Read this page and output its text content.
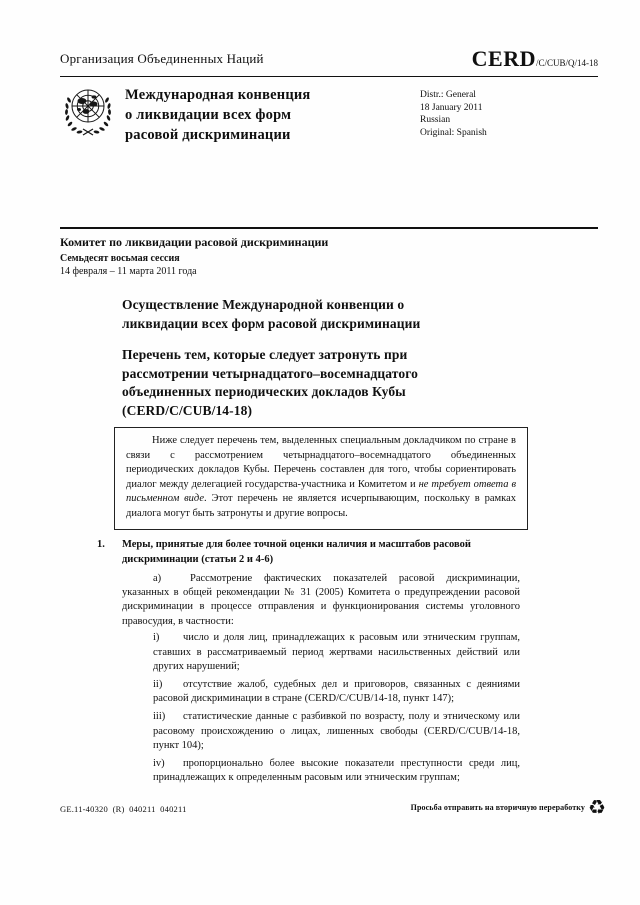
Организация Объединенных Наций	CERD/C/CUB/Q/14-18
Международная конвенция
о ликвидации всех форм
расовой дискриминации
Distr.: General
18 January 2011
Russian
Original: Spanish
Комитет по ликвидации расовой дискриминации
Семьдесят восьмая сессия
14 февраля – 11 марта 2011 года
Осуществление Международной конвенции о
ликвидации всех форм расовой дискриминации
Перечень тем, которые следует затронуть при
рассмотрении четырнадцатого–восемнадцатого
объединенных периодических докладов Кубы
(CERD/C/CUB/14-18)
Ниже следует перечень тем, выделенных специальным докладчиком по стране в связи с рассмотрением четырнадцатого–восемнадцатого объединенных периодических докладов Кубы. Перечень составлен для того, чтобы сориентировать диалог между делегацией государства-участника и Комитетом и не требует ответа в письменном виде. Этот перечень не является исчерпывающим, поскольку в рамках диалога могут быть затронуты и другие вопросы.
1.	Меры, принятые для более точной оценки наличия и масштабов расовой дискриминации (статьи 2 и 4-6)
а)	Рассмотрение фактических показателей расовой дискриминации, указанных в общей рекомендации № 31 (2005) Комитета о предупреждении расовой дискриминации в процессе отправления и функционирования системы уголовного правосудия, в частности:
i) число и доля лиц, принадлежащих к расовым или этническим группам, ставших в рассматриваемый период жертвами насильственных действий или других нарушений;
ii) отсутствие жалоб, судебных дел и приговоров, связанных с деяниями расовой дискриминации в стране (CERD/C/CUB/14-18, пункт 147);
iii) статистические данные с разбивкой по возрасту, полу и этническому или расовому происхождению о лицах, лишенных свободы (CERD/C/CUB/14-18, пункт 104);
iv) пропорционально более высокие показатели преступности среди лиц, принадлежащих к определенным расовым или этническим группам;
GE.11-40320  (R)  040211  040211	Просьба отправить на вторичную переработку ♻
